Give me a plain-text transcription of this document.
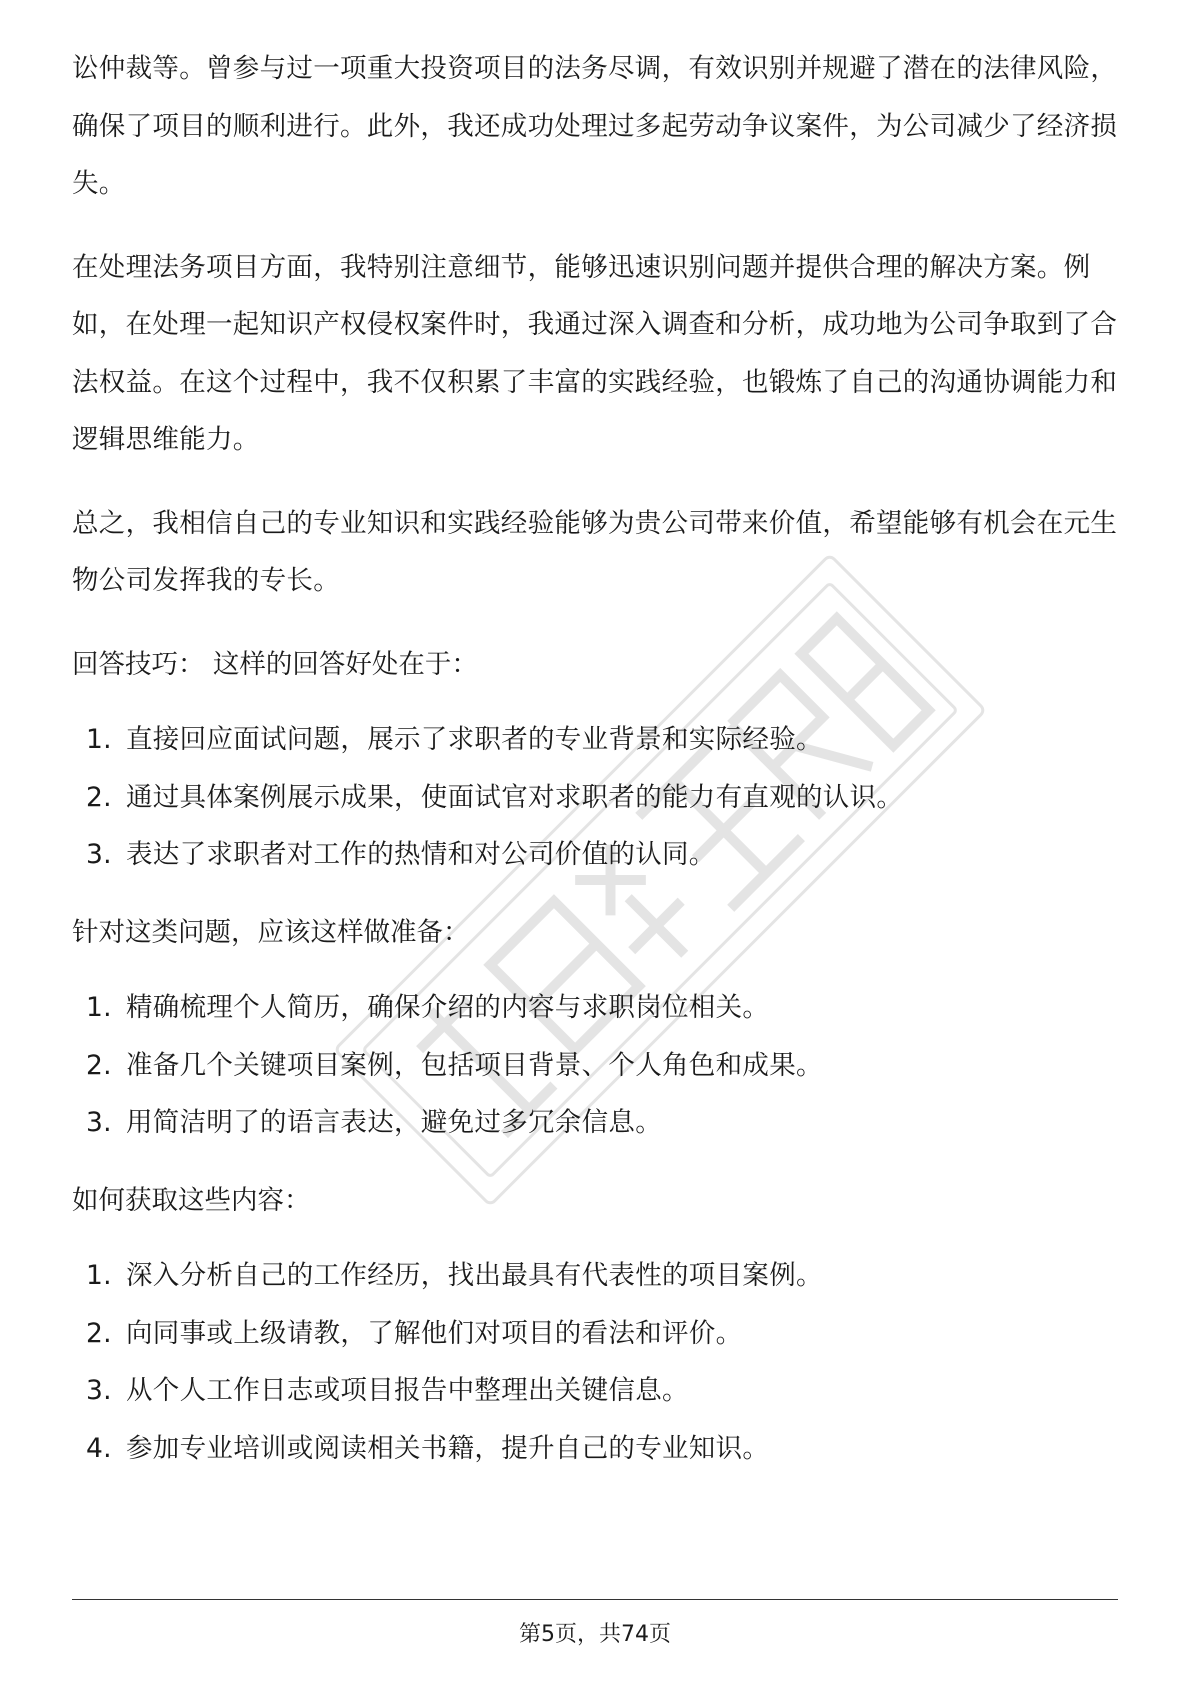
讼仲裁等。曾参与过一项重大投资项目的法务尽调，有效识别并规避了潜在的法律风险，确保了项目的顺利进行。此外，我还成功处理过多起劳动争议案件，为公司减少了经济损失。

在处理法务项目方面，我特别注意细节，能够迅速识别问题并提供合理的解决方案。例如，在处理一起知识产权侵权案件时，我通过深入调查和分析，成功地为公司争取到了合法权益。在这个过程中，我不仅积累了丰富的实践经验，也锻炼了自己的沟通协调能力和逻辑思维能力。

总之，我相信自己的专业知识和实践经验能够为贵公司带来价值，希望能够有机会在元生物公司发挥我的专长。

回答技巧： 这样的回答好处在于：

1. 直接回应面试问题，展示了求职者的专业背景和实际经验。
2. 通过具体案例展示成果，使面试官对求职者的能力有直观的认识。
3. 表达了求职者对工作的热情和对公司价值的认同。

针对这类问题，应该这样做准备：

1. 精确梳理个人简历，确保介绍的内容与求职岗位相关。
2. 准备几个关键项目案例，包括项目背景、个人角色和成果。
3. 用简洁明了的语言表达，避免过多冗余信息。

如何获取这些内容：

1. 深入分析自己的工作经历，找出最具有代表性的项目案例。
2. 向同事或上级请教，了解他们对项目的看法和评价。
3. 从个人工作日志或项目报告中整理出关键信息。
4. 参加专业培训或阅读相关书籍，提升自己的专业知识。
第5页，共74页
